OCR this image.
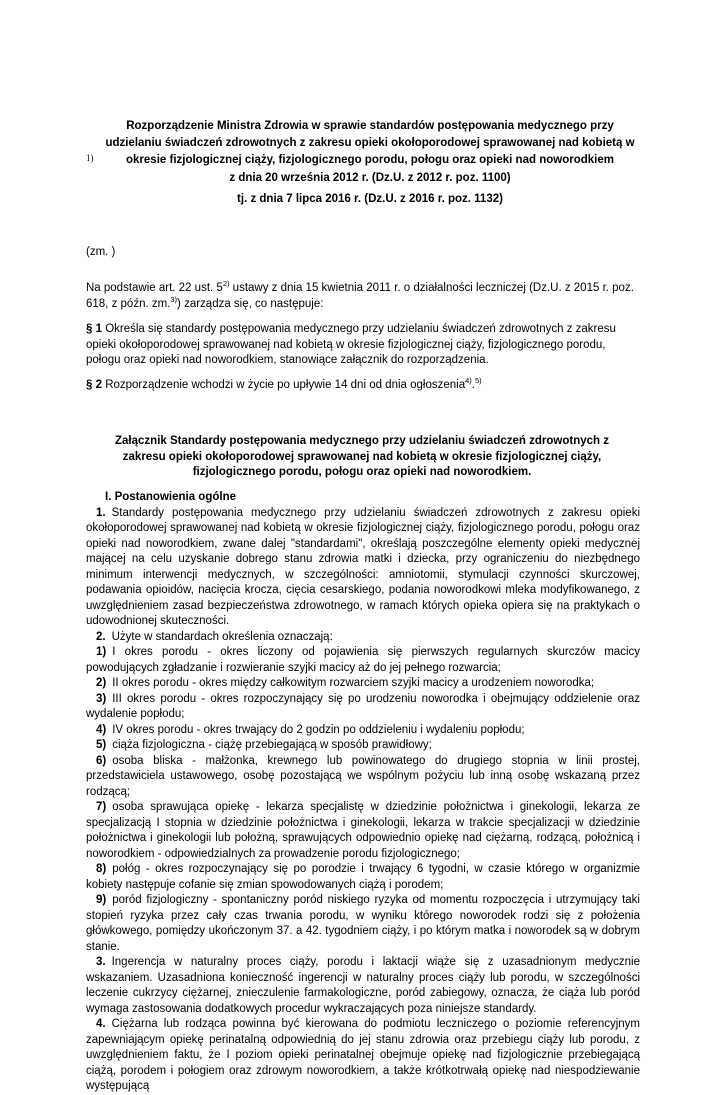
1)
Rozporządzenie Ministra Zdrowia w sprawie standardów postępowania medycznego przy udzielaniu świadczeń zdrowotnych z zakresu opieki okołoporodowej sprawowanej nad kobietą w okresie fizjologicznej ciąży, fizjologicznego porodu, połogu oraz opieki nad noworodkiem
z dnia 20 września 2012 r. (Dz.U. z 2012 r. poz. 1100)
tj. z dnia 7 lipca 2016 r. (Dz.U. z 2016 r. poz. 1132)
(zm. )
Na podstawie art. 22 ust. 5$^{2)}$ ustawy z dnia 15 kwietnia 2011 r. o działalności leczniczej (Dz.U. z 2015 r. poz. 618, z późn. zm.$^{3)}$) zarządza się, co następuje:
§ 1 Określa się standardy postępowania medycznego przy udzielaniu świadczeń zdrowotnych z zakresu opieki okołoporodowej sprawowanej nad kobietą w okresie fizjologicznej ciąży, fizjologicznego porodu, połogu oraz opieki nad noworodkiem, stanowiące załącznik do rozporządzenia.
§ 2 Rozporządzenie wchodzi w życie po upływie 14 dni od dnia ogłoszenia$^{4)}$.$^{5)}$
Załącznik Standardy postępowania medycznego przy udzielaniu świadczeń zdrowotnych z zakresu opieki okołoporodowej sprawowanej nad kobietą w okresie fizjologicznej ciąży, fizjologicznego porodu, połogu oraz opieki nad noworodkiem.
I. Postanowienia ogólne
1. Standardy postępowania medycznego przy udzielaniu świadczeń zdrowotnych z zakresu opieki okołoporodowej sprawowanej nad kobietą w okresie fizjologicznej ciąży, fizjologicznego porodu, połogu oraz opieki nad noworodkiem, zwane dalej "standardami", określają poszczególne elementy opieki medycznej mającej na celu uzyskanie dobrego stanu zdrowia matki i dziecka, przy ograniczeniu do niezbędnego minimum interwencji medycznych, w szczególności: amniotomii, stymulacji czynności skurczowej, podawania opioidów, nacięcia krocza, cięcia cesarskiego, podania noworodkowi mleka modyfikowanego, z uwzględnieniem zasad bezpieczeństwa zdrowotnego, w ramach których opieka opiera się na praktykach o udowodnionej skuteczności.
2. Użyte w standardach określenia oznaczają:
1) I okres porodu - okres liczony od pojawienia się pierwszych regularnych skurczów macicy powodujących zgładzanie i rozwieranie szyjki macicy aż do jej pełnego rozwarcia;
2) II okres porodu - okres między całkowitym rozwarciem szyjki macicy a urodzeniem noworodka;
3) III okres porodu - okres rozpoczynający się po urodzeniu noworodka i obejmujący oddzielenie oraz wydalenie popłodu;
4) IV okres porodu - okres trwający do 2 godzin po oddzieleniu i wydaleniu popłodu;
5) ciąża fizjologiczna - ciążę przebiegającą w sposób prawidłowy;
6) osoba bliska - małżonka, krewnego lub powinowatego do drugiego stopnia w linii prostej, przedstawiciela ustawowego, osobę pozostającą we wspólnym pożyciu lub inną osobę wskazaną przez rodzącą;
7) osoba sprawująca opiekę - lekarza specjalistę w dziedzinie położnictwa i ginekologii, lekarza ze specjalizacją I stopnia w dziedzinie położnictwa i ginekologii, lekarza w trakcie specjalizacji w dziedzinie położnictwa i ginekologii lub położną, sprawujących odpowiednio opiekę nad ciężarną, rodzącą, położnicą i noworodkiem - odpowiedzialnych za prowadzenie porodu fizjologicznego;
8) połóg - okres rozpoczynający się po porodzie i trwający 6 tygodni, w czasie którego w organizmie kobiety następuje cofanie się zmian spowodowanych ciążą i porodem;
9) poród fizjologiczny - spontaniczny poród niskiego ryzyka od momentu rozpoczęcia i utrzymujący taki stopień ryzyka przez cały czas trwania porodu, w wyniku którego noworodek rodzi się z położenia główkowego, pomiędzy ukończonym 37. a 42. tygodniem ciąży, i po którym matka i noworodek są w dobrym stanie.
3. Ingerencja w naturalny proces ciąży, porodu i laktacji wiąże się z uzasadnionym medycznie wskazaniem. Uzasadniona konieczność ingerencji w naturalny proces ciąży lub porodu, w szczególności leczenie cukrzycy ciężarnej, znieczulenie farmakologiczne, poród zabiegowy, oznacza, że ciąża lub poród wymaga zastosowania dodatkowych procedur wykraczających poza niniejsze standardy.
4. Ciężarna lub rodząca powinna być kierowana do podmiotu leczniczego o poziomie referencyjnym zapewniającym opiekę perinatalną odpowiednią do jej stanu zdrowia oraz przebiegu ciąży lub porodu, z uwzględnieniem faktu, że I poziom opieki perinatalnej obejmuje opiekę nad fizjologicznie przebiegającą ciążą, porodem i połogiem oraz zdrowym noworodkiem, a także krótkotrwałą opiekę nad niespodziewanie występującą
